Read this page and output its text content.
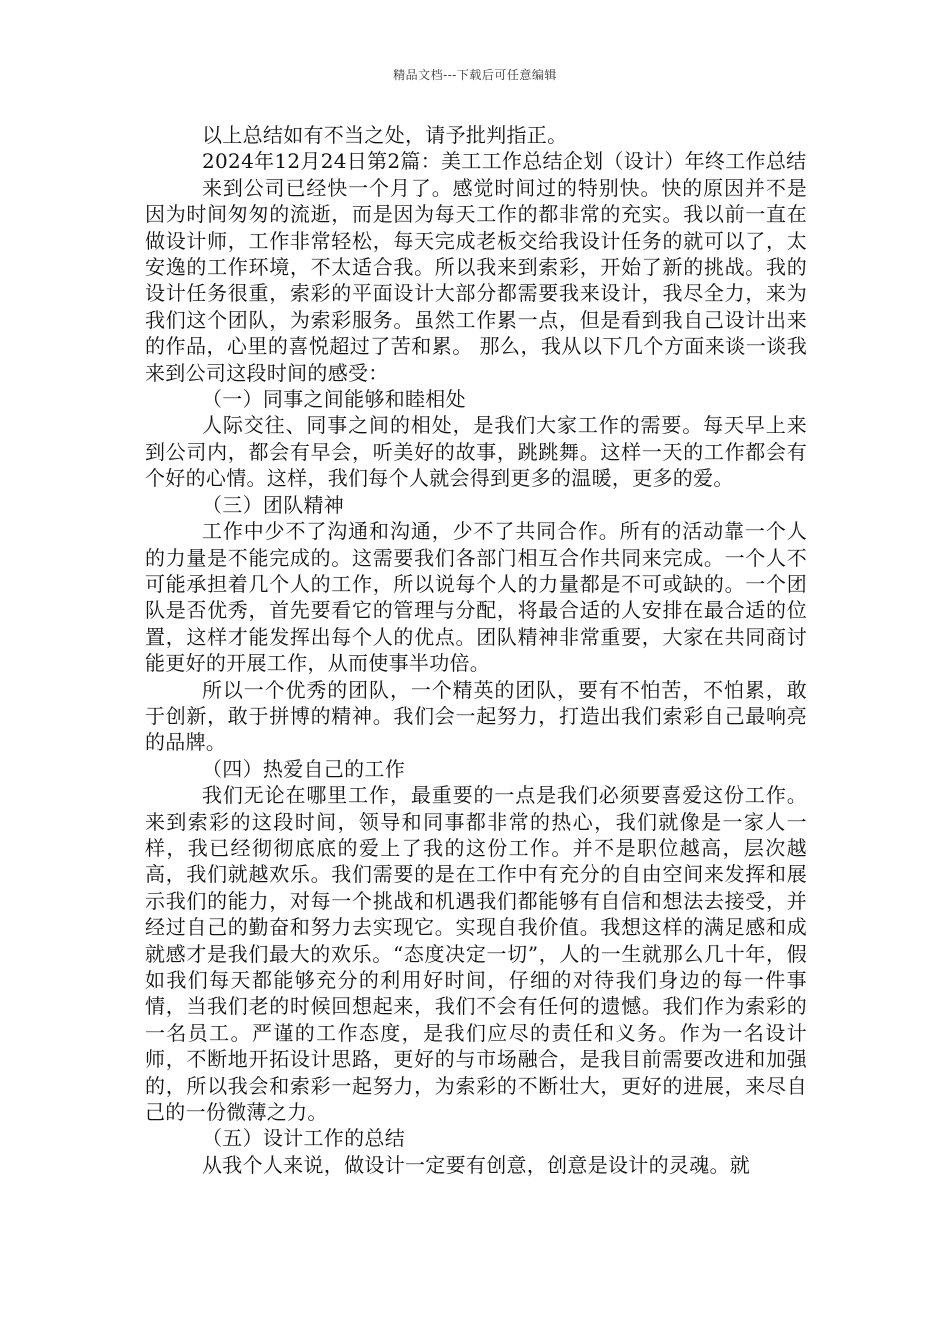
精品文档---下载后可任意编辑

以上总结如有不当之处，请予批判指正。

2024年12月24日第2篇：美工工作总结企划（设计）年终工作总结

来到公司已经快一个月了。感觉时间过的特别快。快的原因并不是因为时间匆匆的流逝，而是因为每天工作的都非常的充实。我以前一直在做设计师，工作非常轻松，每天完成老板交给我设计任务的就可以了，太安逸的工作环境，不太适合我。所以我来到索彩，开始了新的挑战。我的设计任务很重，索彩的平面设计大部分都需要我来设计，我尽全力，来为我们这个团队，为索彩服务。虽然工作累一点，但是看到我自己设计出来的作品，心里的喜悦超过了苦和累。 那么，我从以下几个方面来谈一谈我来到公司这段时间的感受：

（一）同事之间能够和睦相处

人际交往、同事之间的相处，是我们大家工作的需要。每天早上来到公司内，都会有早会，听美好的故事，跳跳舞。这样一天的工作都会有个好的心情。这样，我们每个人就会得到更多的温暖，更多的爱。

（三）团队精神

工作中少不了沟通和沟通，少不了共同合作。所有的活动靠一个人的力量是不能完成的。这需要我们各部门相互合作共同来完成。一个人不可能承担着几个人的工作，所以说每个人的力量都是不可或缺的。一个团队是否优秀，首先要看它的管理与分配，将最合适的人安排在最合适的位置，这样才能发挥出每个人的优点。团队精神非常重要，大家在共同商讨能更好的开展工作，从而使事半功倍。

所以一个优秀的团队，一个精英的团队，要有不怕苦，不怕累，敢于创新，敢于拼博的精神。我们会一起努力，打造出我们索彩自己最响亮的品牌。

（四）热爱自己的工作

我们无论在哪里工作，最重要的一点是我们必须要喜爱这份工作。来到索彩的这段时间，领导和同事都非常的热心，我们就像是一家人一样，我已经彻彻底底的爱上了我的这份工作。并不是职位越高，层次越高，我们就越欢乐。我们需要的是在工作中有充分的自由空间来发挥和展示我们的能力，对每一个挑战和机遇我们都能够有自信和想法去接受，并经过自己的勤奋和努力去实现它。实现自我价值。我想这样的满足感和成就感才是我们最大的欢乐。“态度决定一切”，人的一生就那么几十年，假如我们每天都能够充分的利用好时间，仔细的对待我们身边的每一件事情，当我们老的时候回想起来，我们不会有任何的遗憾。我们作为索彩的一名员工。严谨的工作态度，是我们应尽的责任和义务。作为一名设计师，不断地开拓设计思路，更好的与市场融合，是我目前需要改进和加强的，所以我会和索彩一起努力，为索彩的不断壮大，更好的进展，来尽自己的一份微薄之力。

（五）设计工作的总结

从我个人来说，做设计一定要有创意，创意是设计的灵魂。就
